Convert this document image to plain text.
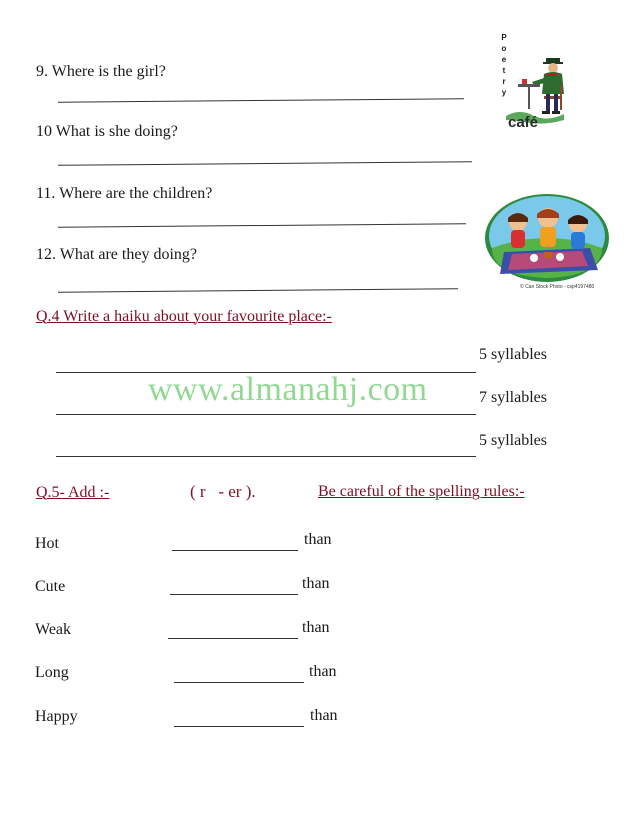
9. Where is the girl?
10 What is she doing?
11. Where are the children?
12. What are they doing?
P
o
e
t
r
y
café
© Can Stock Photo - csp4197480
Q.4 Write a haiku about your favourite place:-
5 syllables
7 syllables
5 syllables
www.almanahj.com
Q.5- Add :-	( r   - er ).	Be careful of the spelling rules:-
Hot	than
Cute	than
Weak	than
Long	than
Happy	than
